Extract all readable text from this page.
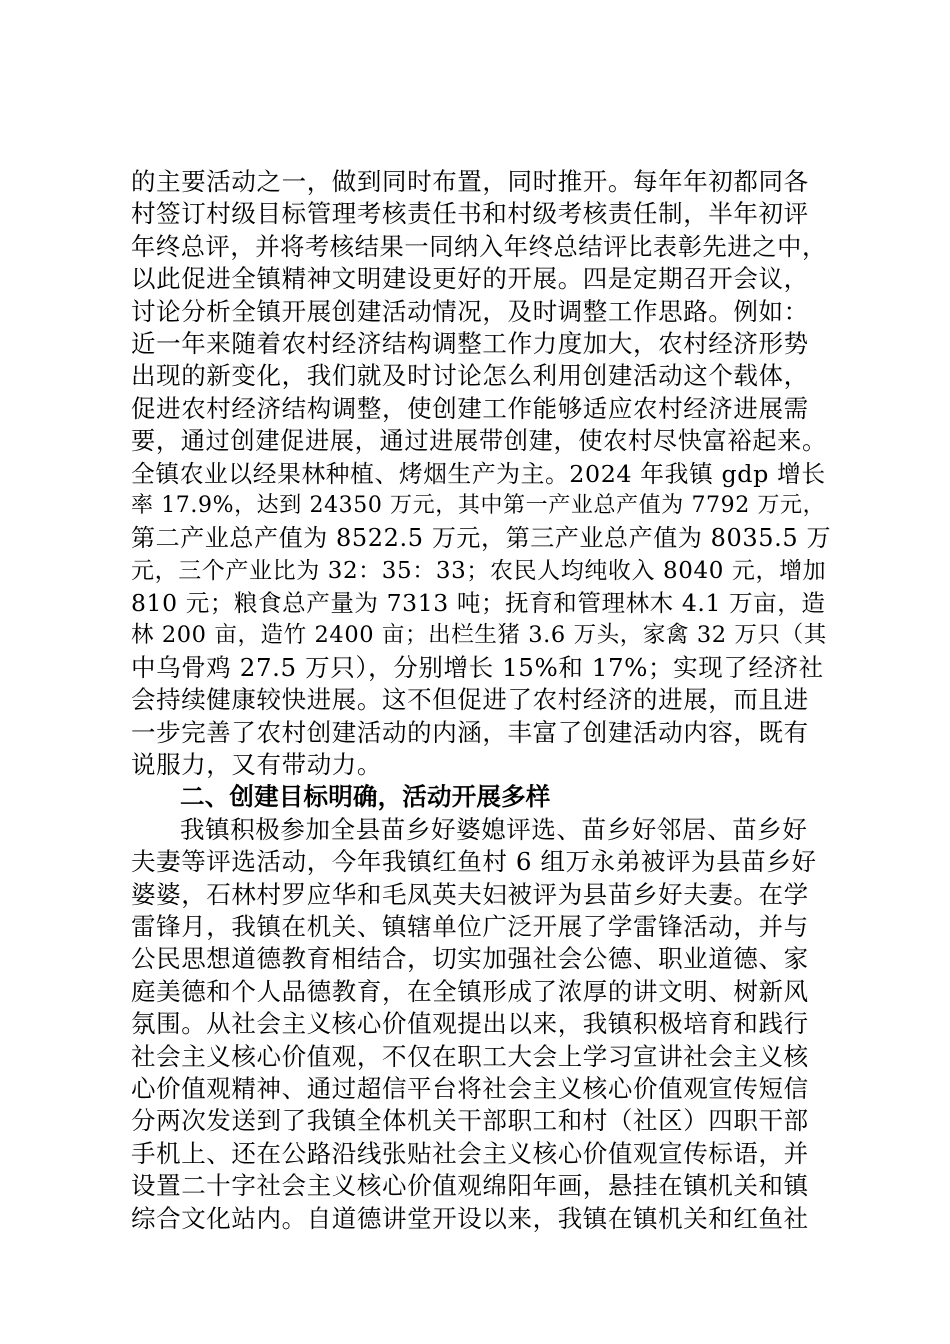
的主要活动之一，做到同时布置，同时推开。每年年初都同各
村签订村级目标管理考核责任书和村级考核责任制，半年初评
年终总评，并将考核结果一同纳入年终总结评比表彰先进之中，
以此促进全镇精神文明建设更好的开展。四是定期召开会议，
讨论分析全镇开展创建活动情况，及时调整工作思路。例如：
近一年来随着农村经济结构调整工作力度加大，农村经济形势
出现的新变化，我们就及时讨论怎么利用创建活动这个载体，
促进农村经济结构调整，使创建工作能够适应农村经济进展需
要，通过创建促进展，通过进展带创建，使农村尽快富裕起来。
全镇农业以经果林种植、烤烟生产为主。2024 年我镇 gdp 增长
率 17.9%，达到 24350 万元，其中第一产业总产值为 7792 万元，
第二产业总产值为 8522.5 万元，第三产业总产值为 8035.5 万
元，三个产业比为 32：35：33；农民人均纯收入 8040 元，增加
810 元；粮食总产量为 7313 吨；抚育和管理林木 4.1 万亩，造
林 200 亩，造竹 2400 亩；出栏生猪 3.6 万头，家禽 32 万只（其
中乌骨鸡 27.5 万只），分别增长 15%和 17%；实现了经济社
会持续健康较快进展。这不但促进了农村经济的进展，而且进
一步完善了农村创建活动的内涵，丰富了创建活动内容，既有
说服力，又有带动力。
二、创建目标明确，活动开展多样
我镇积极参加全县苗乡好婆媳评选、苗乡好邻居、苗乡好
夫妻等评选活动，今年我镇红鱼村 6 组万永弟被评为县苗乡好
婆婆，石林村罗应华和毛凤英夫妇被评为县苗乡好夫妻。在学
雷锋月，我镇在机关、镇辖单位广泛开展了学雷锋活动，并与
公民思想道德教育相结合，切实加强社会公德、职业道德、家
庭美德和个人品德教育，在全镇形成了浓厚的讲文明、树新风
氛围。从社会主义核心价值观提出以来，我镇积极培育和践行
社会主义核心价值观，不仅在职工大会上学习宣讲社会主义核
心价值观精神、通过超信平台将社会主义核心价值观宣传短信
分两次发送到了我镇全体机关干部职工和村（社区）四职干部
手机上、还在公路沿线张贴社会主义核心价值观宣传标语，并
设置二十字社会主义核心价值观绵阳年画，悬挂在镇机关和镇
综合文化站内。自道德讲堂开设以来，我镇在镇机关和红鱼社
